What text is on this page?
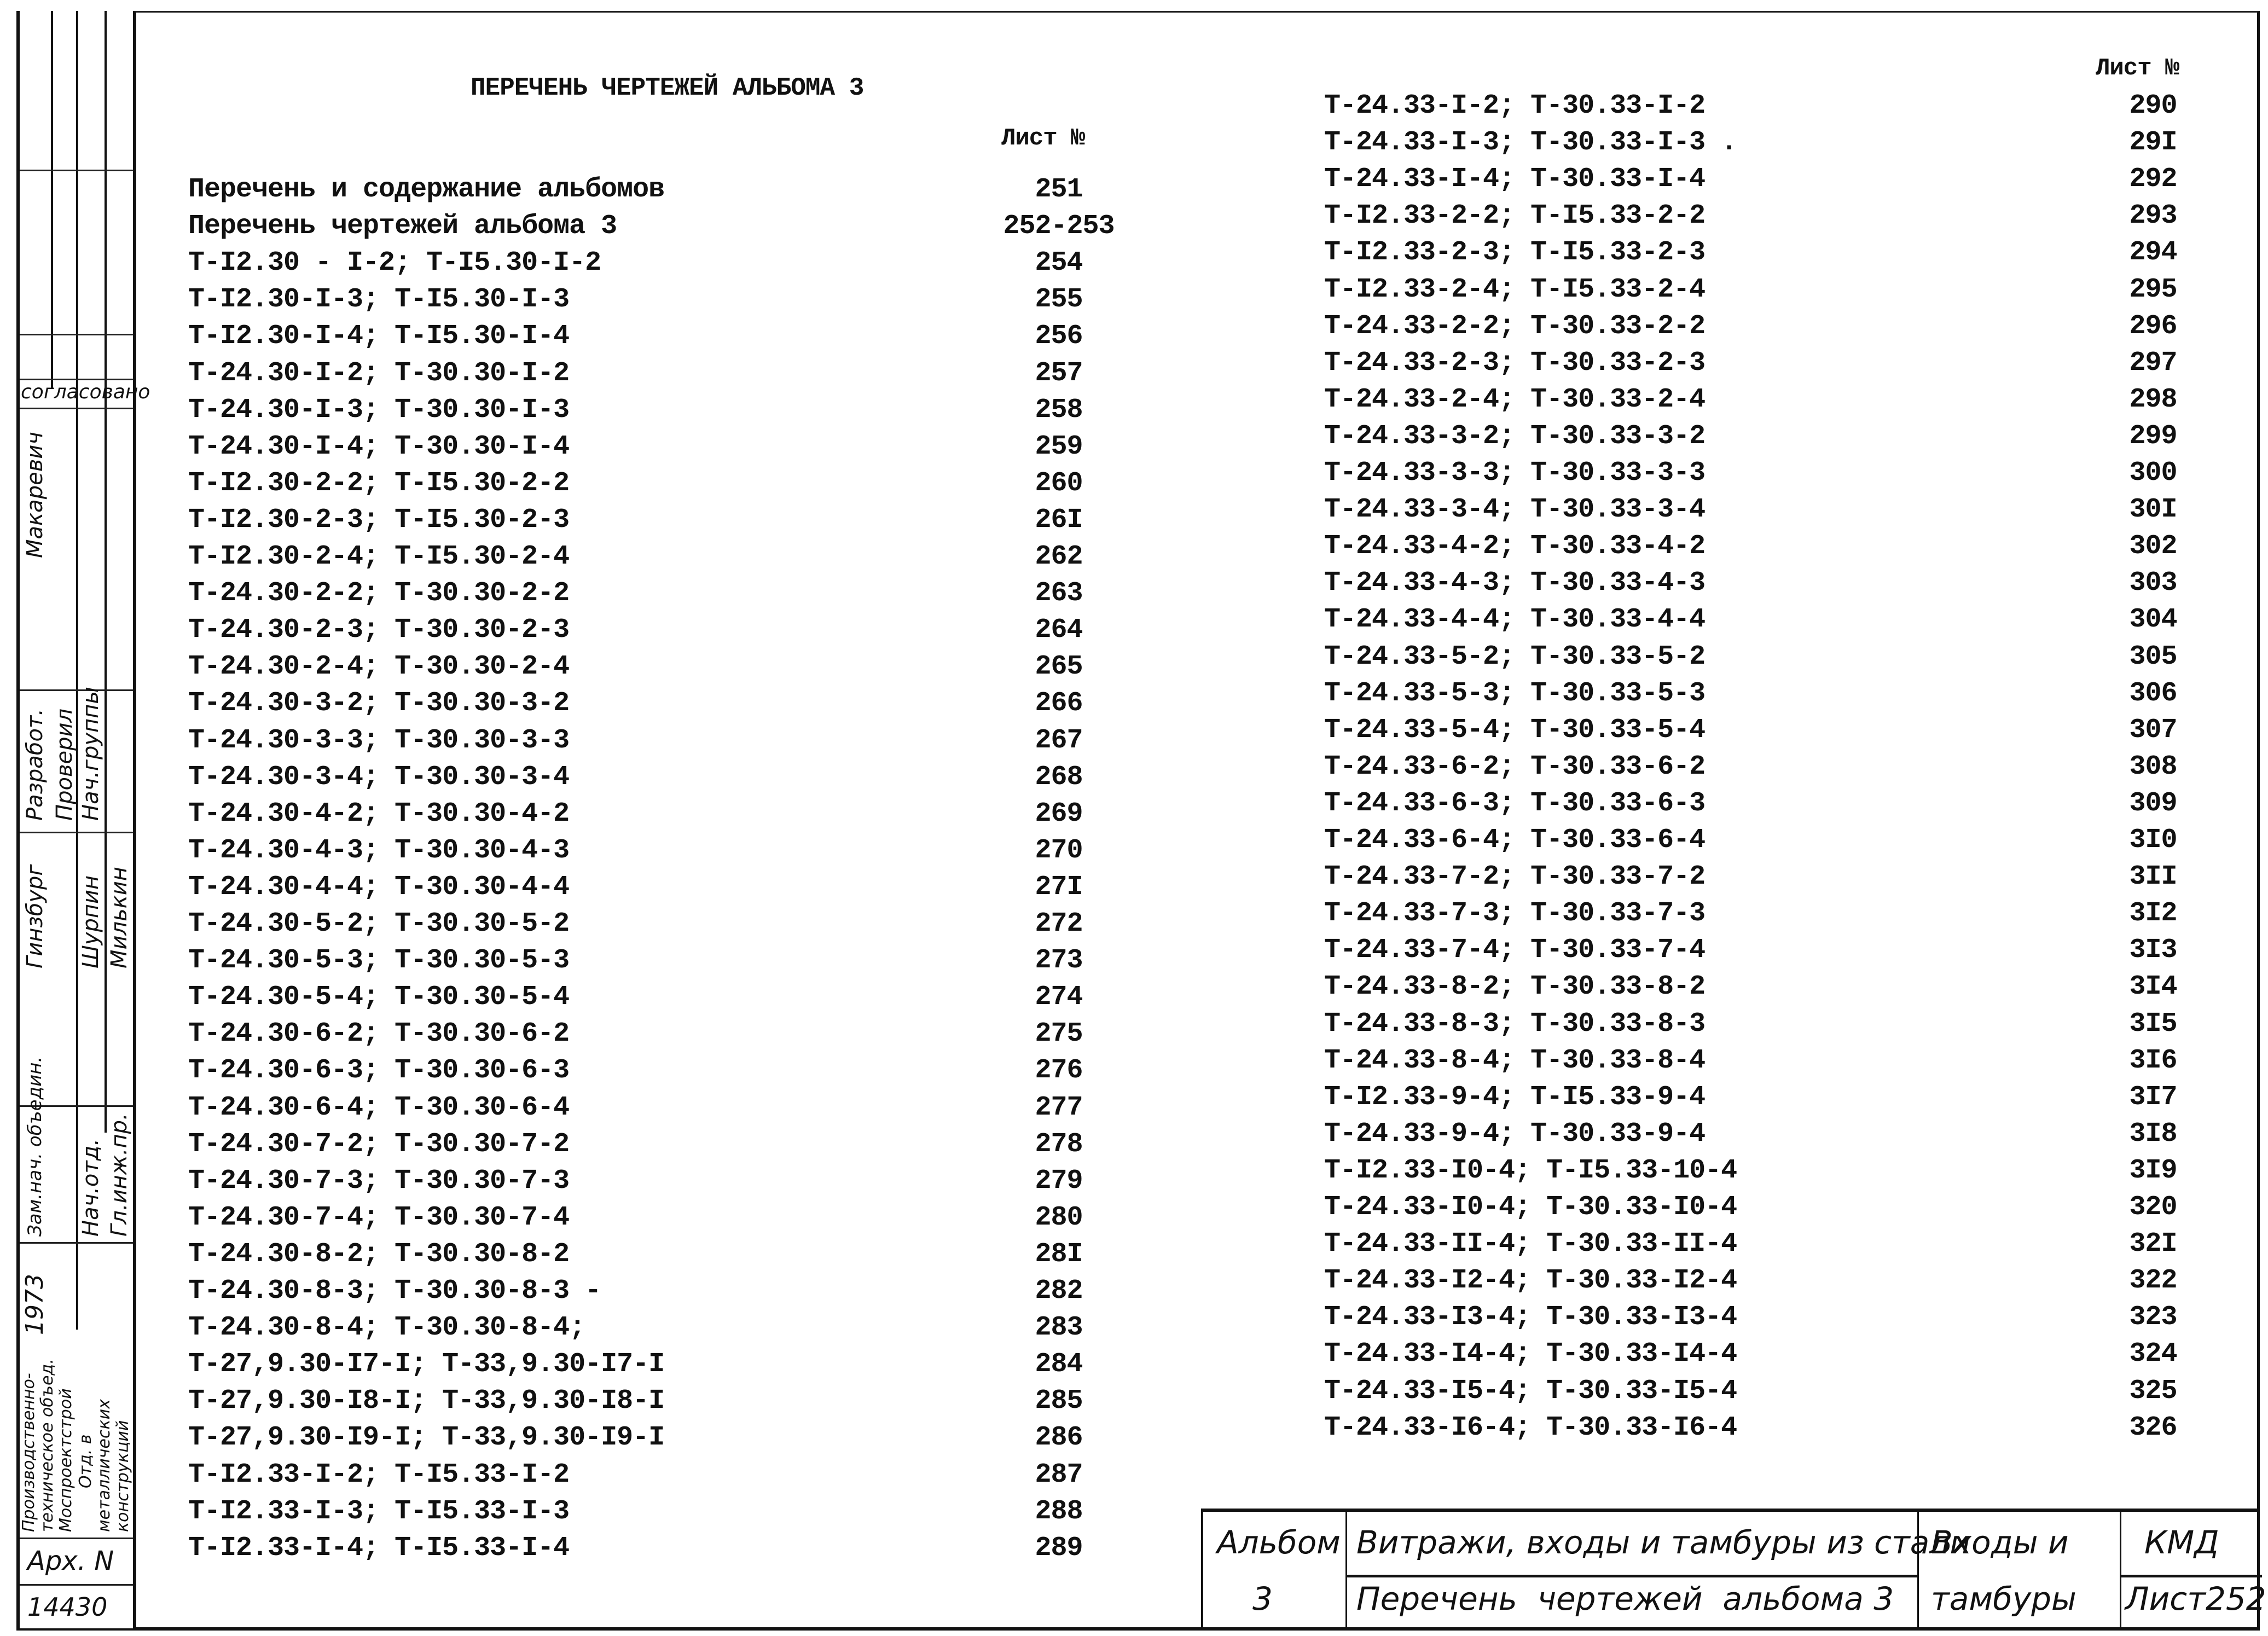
согласовано
Макаревич
Разработ. Проверил Нач.группы
Гинзбург Шурпин Милькин
Зам.нач. объедин. Нач.отд. Гл.инж.пр.
1973
Производственно- техническое объед. Моспроектстрой Отд. в металлических конструкций
Арх. N
14430
ПЕРЕЧЕНЬ ЧЕРТЕЖЕЙ АЛЬБОМА 3
Лист №
Лист №
Перечень и содержание альбомов	251
Перечень чертежей альбома 3	252-253
Т-I2.30 - I-2; Т-I5.30-I-2	254
Т-I2.30-I-3; Т-I5.30-I-3	255
Т-I2.30-I-4; Т-I5.30-I-4	256
Т-24.30-I-2; Т-30.30-I-2	257
Т-24.30-I-3; Т-30.30-I-3	258
Т-24.30-I-4; Т-30.30-I-4	259
Т-I2.30-2-2; Т-I5.30-2-2	260
Т-I2.30-2-3; Т-I5.30-2-3	26I
Т-I2.30-2-4; Т-I5.30-2-4	262
Т-24.30-2-2; Т-30.30-2-2	263
Т-24.30-2-3; Т-30.30-2-3	264
Т-24.30-2-4; Т-30.30-2-4	265
Т-24.30-3-2; Т-30.30-3-2	266
Т-24.30-3-3; Т-30.30-3-3	267
Т-24.30-3-4; Т-30.30-3-4	268
Т-24.30-4-2; Т-30.30-4-2	269
Т-24.30-4-3; Т-30.30-4-3	270
Т-24.30-4-4; Т-30.30-4-4	27I
Т-24.30-5-2; Т-30.30-5-2	272
Т-24.30-5-3; Т-30.30-5-3	273
Т-24.30-5-4; Т-30.30-5-4	274
Т-24.30-6-2; Т-30.30-6-2	275
Т-24.30-6-3; Т-30.30-6-3	276
Т-24.30-6-4; Т-30.30-6-4	277
Т-24.30-7-2; Т-30.30-7-2	278
Т-24.30-7-3; Т-30.30-7-3	279
Т-24.30-7-4; Т-30.30-7-4	280
Т-24.30-8-2; Т-30.30-8-2	28I
Т-24.30-8-3; Т-30.30-8-3 -	282
Т-24.30-8-4; Т-30.30-8-4;	283
Т-27,9.30-I7-I; Т-33,9.30-I7-I	284
Т-27,9.30-I8-I; Т-33,9.30-I8-I	285
Т-27,9.30-I9-I; Т-33,9.30-I9-I	286
Т-I2.33-I-2; Т-I5.33-I-2	287
Т-I2.33-I-3; Т-I5.33-I-3	288
Т-I2.33-I-4; Т-I5.33-I-4	289
Т-24.33-I-2; Т-30.33-I-2	290
Т-24.33-I-3; Т-30.33-I-3 .	29I
Т-24.33-I-4; Т-30.33-I-4	292
Т-I2.33-2-2; Т-I5.33-2-2	293
Т-I2.33-2-3; Т-I5.33-2-3	294
Т-I2.33-2-4; Т-I5.33-2-4	295
Т-24.33-2-2; Т-30.33-2-2	296
Т-24.33-2-3; Т-30.33-2-3	297
Т-24.33-2-4; Т-30.33-2-4	298
Т-24.33-3-2; Т-30.33-3-2	299
Т-24.33-3-3; Т-30.33-3-3	300
Т-24.33-3-4; Т-30.33-3-4	30I
Т-24.33-4-2; Т-30.33-4-2	302
Т-24.33-4-3; Т-30.33-4-3	303
Т-24.33-4-4; Т-30.33-4-4	304
Т-24.33-5-2; Т-30.33-5-2	305
Т-24.33-5-3; Т-30.33-5-3	306
Т-24.33-5-4; Т-30.33-5-4	307
Т-24.33-6-2; Т-30.33-6-2	308
Т-24.33-6-3; Т-30.33-6-3	309
Т-24.33-6-4; Т-30.33-6-4	3I0
Т-24.33-7-2; Т-30.33-7-2	3II
Т-24.33-7-3; Т-30.33-7-3	3I2
Т-24.33-7-4; Т-30.33-7-4	3I3
Т-24.33-8-2; Т-30.33-8-2	3I4
Т-24.33-8-3; Т-30.33-8-3	3I5
Т-24.33-8-4; Т-30.33-8-4	3I6
Т-I2.33-9-4; Т-I5.33-9-4	3I7
Т-24.33-9-4; Т-30.33-9-4	3I8
Т-I2.33-I0-4; Т-I5.33-10-4	3I9
Т-24.33-I0-4; Т-30.33-I0-4	320
Т-24.33-II-4; Т-30.33-II-4	32I
Т-24.33-I2-4; Т-30.33-I2-4	322
Т-24.33-I3-4; Т-30.33-I3-4	323
Т-24.33-I4-4; Т-30.33-I4-4	324
Т-24.33-I5-4; Т-30.33-I5-4	325
Т-24.33-I6-4; Т-30.33-I6-4	326
Альбом
3
Витражи, входы и тамбуры из стали
Перечень  чертежей  альбома 3
Входы и
тамбуры
КМД
Лист252
